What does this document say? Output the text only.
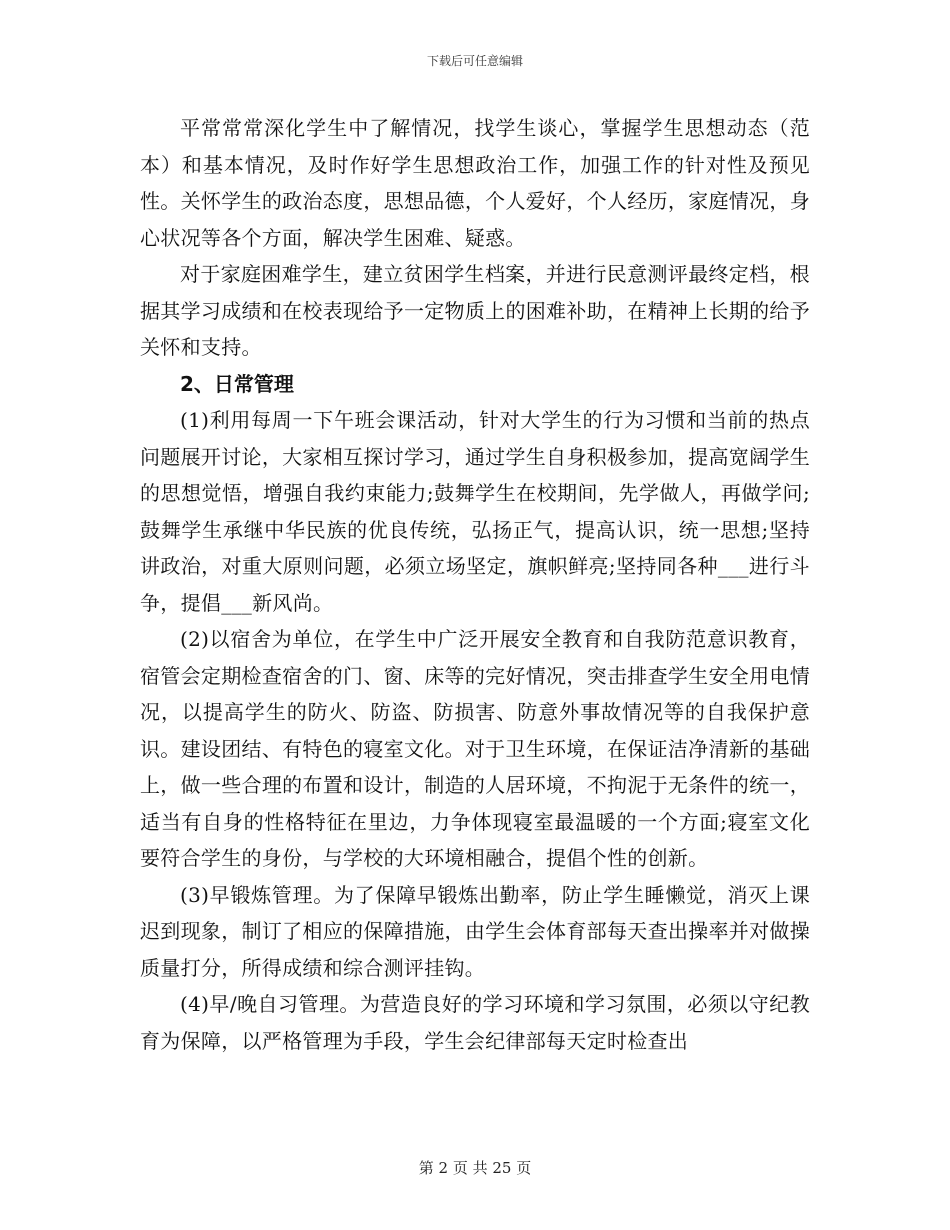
下载后可任意编辑

平常常常深化学生中了解情况，找学生谈心，掌握学生思想动态（范本）和基本情况，及时作好学生思想政治工作，加强工作的针对性及预见性。关怀学生的政治态度，思想品德，个人爱好，个人经历，家庭情况，身心状况等各个方面，解决学生困难、疑惑。

对于家庭困难学生，建立贫困学生档案，并进行民意测评最终定档，根据其学习成绩和在校表现给予一定物质上的困难补助，在精神上长期的给予关怀和支持。

2、日常管理

(1)利用每周一下午班会课活动，针对大学生的行为习惯和当前的热点问题展开讨论，大家相互探讨学习，通过学生自身积极参加，提高宽阔学生的思想觉悟，增强自我约束能力;鼓舞学生在校期间，先学做人，再做学问;鼓舞学生承继中华民族的优良传统，弘扬正气，提高认识，统一思想;坚持讲政治，对重大原则问题，必须立场坚定，旗帜鲜亮;坚持同各种___进行斗争，提倡___新风尚。

(2)以宿舍为单位，在学生中广泛开展安全教育和自我防范意识教育，宿管会定期检查宿舍的门、窗、床等的完好情况，突击排查学生安全用电情况，以提高学生的防火、防盗、防损害、防意外事故情况等的自我保护意识。建设团结、有特色的寝室文化。对于卫生环境，在保证洁净清新的基础上，做一些合理的布置和设计，制造的人居环境，不拘泥于无条件的统一，适当有自身的性格特征在里边，力争体现寝室最温暖的一个方面;寝室文化要符合学生的身份，与学校的大环境相融合，提倡个性的创新。

(3)早锻炼管理。为了保障早锻炼出勤率，防止学生睡懒觉，消灭上课迟到现象，制订了相应的保障措施，由学生会体育部每天查出操率并对做操质量打分，所得成绩和综合测评挂钩。

(4)早/晚自习管理。为营造良好的学习环境和学习氛围，必须以守纪教育为保障，以严格管理为手段，学生会纪律部每天定时检查出

第 2 页 共 25 页
